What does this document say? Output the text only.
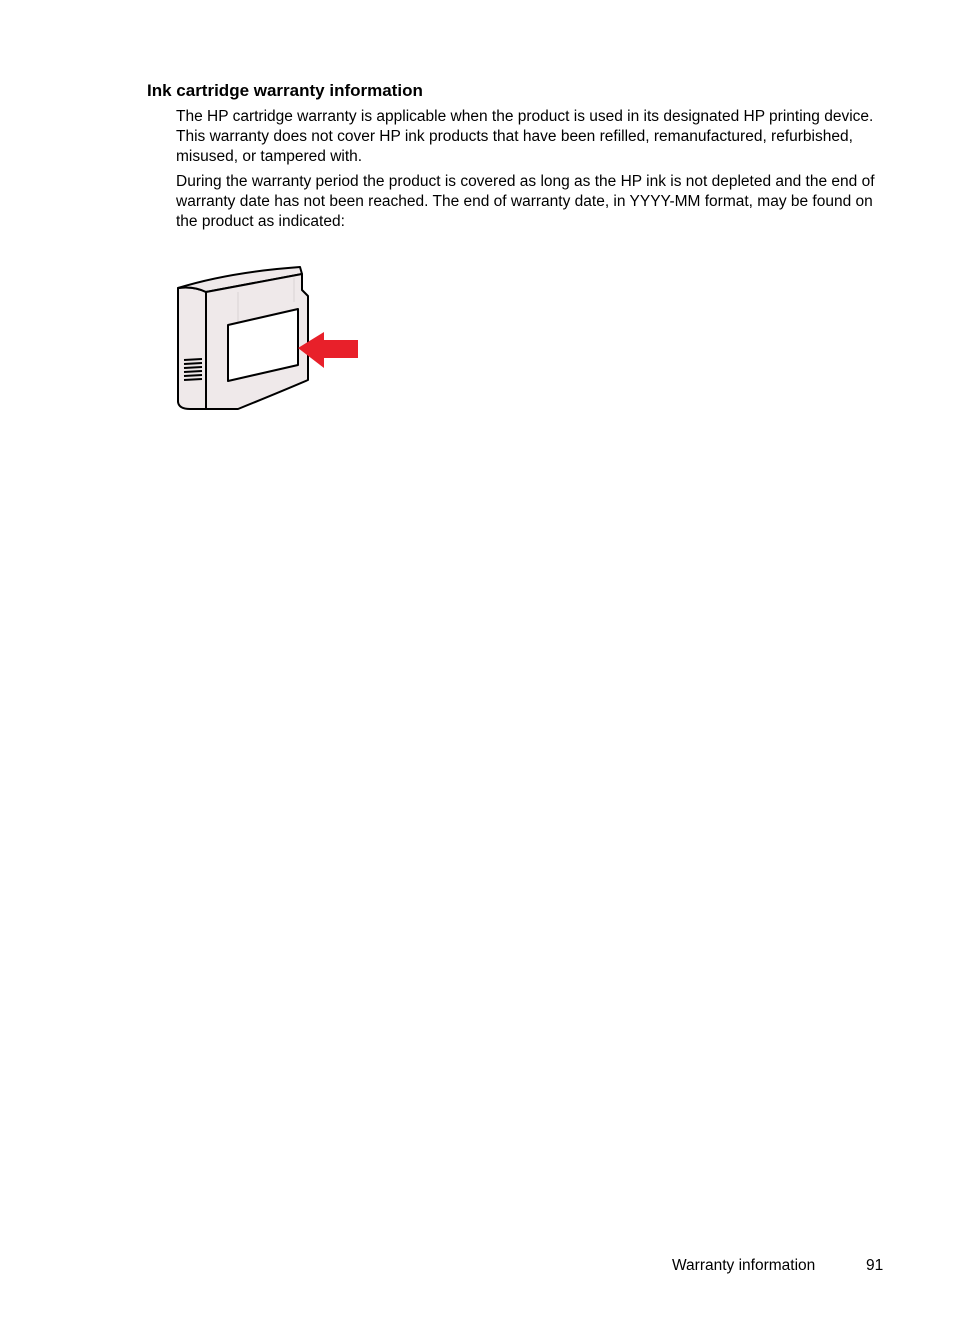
Ink cartridge warranty information

The HP cartridge warranty is applicable when the product is used in its designated HP printing device. This warranty does not cover HP ink products that have been refilled, remanufactured, refurbished, misused, or tampered with.

During the warranty period the product is covered as long as the HP ink is not depleted and the end of warranty date has not been reached. The end of warranty date, in YYYY-MM format, may be found on the product as indicated:

Warranty information	91
